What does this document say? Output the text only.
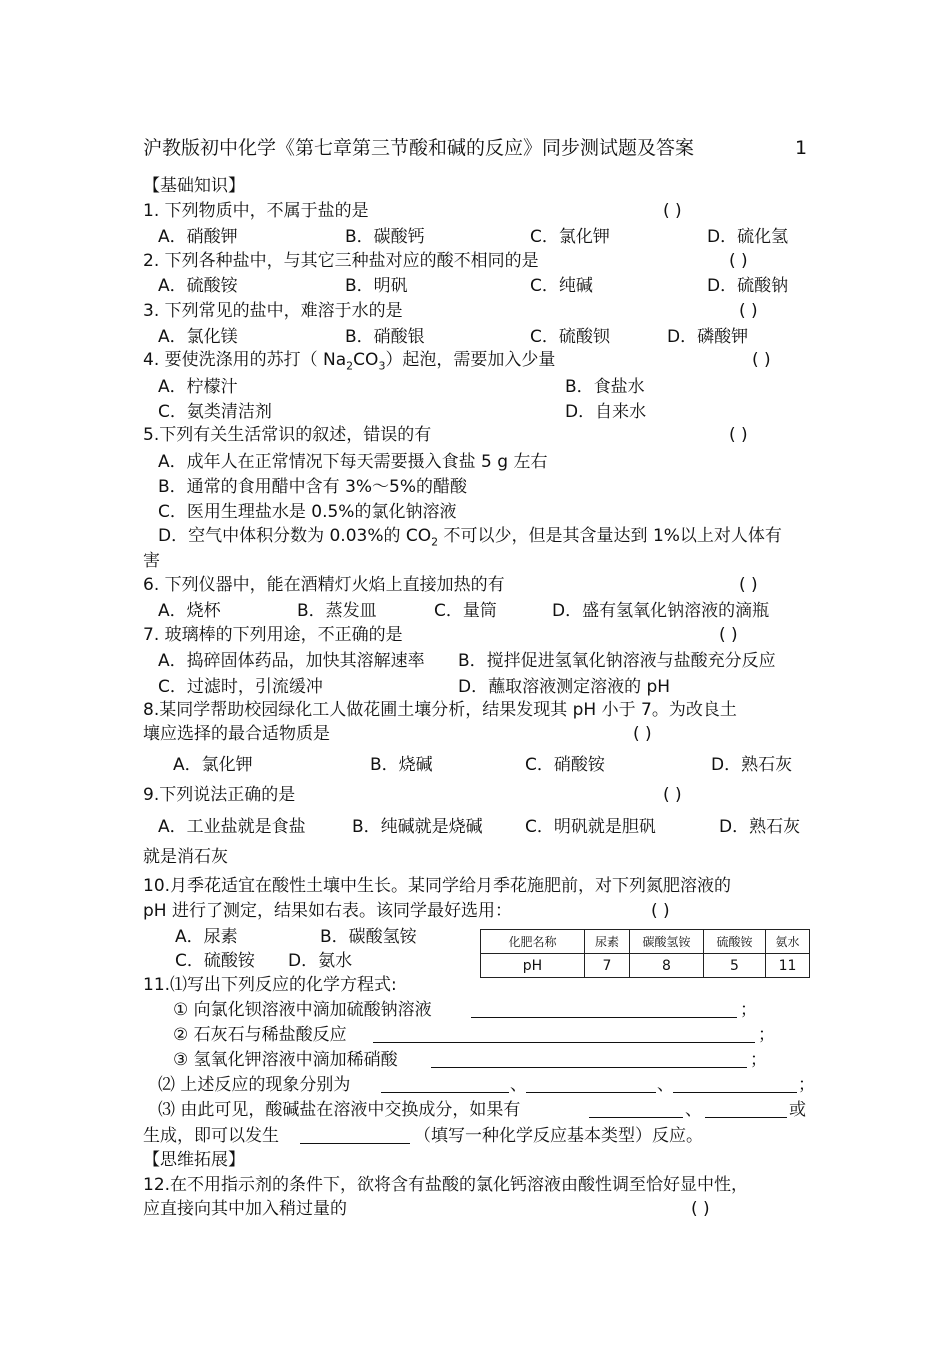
沪教版初中化学《第七章第三节酸和碱的反应》同步测试题及答案	1
【基础知识】
1. 下列物质中，不属于盐的是	( )
A．硝酸钾	B．碳酸钙	C．氯化钾	D．硫化氢
2. 下列各种盐中，与其它三种盐对应的酸不相同的是	( )
A．硫酸铵	B．明矾	C．纯碱	D．硫酸钠
3. 下列常见的盐中，难溶于水的是	( )
A．氯化镁	B．硝酸银	C．硫酸钡	D．磷酸钾
4. 要使洗涤用的苏打（ $Na_2CO_3$）起泡，需要加入少量	( )
A．柠檬汁	B．食盐水
C．氨类清洁剂	D．自来水
5.下列有关生活常识的叙述，错误的有	( )
A．成年人在正常情况下每天需要摄入食盐 5 g 左右
B．通常的食用醋中含有 3%～5%的醋酸
C．医用生理盐水是 0.5%的氯化钠溶液
D．空气中体积分数为 0.03%的 $CO_2$ 不可以少，但是其含量达到 1%以上对人体有
害
6. 下列仪器中，能在酒精灯火焰上直接加热的有	( )
A．烧杯	B．蒸发皿	C．量筒	D．盛有氢氧化钠溶液的滴瓶
7. 玻璃棒的下列用途，不正确的是	( )
A．捣碎固体药品，加快其溶解速率 B．搅拌促进氢氧化钠溶液与盐酸充分反应
C．过滤时，引流缓冲	D．蘸取溶液测定溶液的 pH
8.某同学帮助校园绿化工人做花圃土壤分析，结果发现其 pH 小于 7。为改良土
壤应选择的最合适物质是	( )
A．氯化钾	B．烧碱	C．硝酸铵	D．熟石灰
9.下列说法正确的是	( )
A．工业盐就是食盐	B．纯碱就是烧碱 C．明矾就是胆矾	D．熟石灰
就是消石灰
10.月季花适宜在酸性土壤中生长。某同学给月季花施肥前，对下列氮肥溶液的
pH 进行了测定，结果如右表。该同学最好选用：	( )
A．尿素	B．碳酸氢铵
C．硫酸铵 D．氨水
化肥名称	尿素	碳酸氢铵	硫酸铵	氨水
pH	7	8	5	11
11.⑴写出下列反应的化学方程式:
① 向氯化钡溶液中滴加硫酸钠溶液	；
② 石灰石与稀盐酸反应	；
③ 氢氧化钾溶液中滴加稀硝酸	；
⑵ 上述反应的现象分别为	、	、	；
⑶ 由此可见，酸碱盐在溶液中交换成分，如果有	、	或
生成，即可以发生	（填写一种化学反应基本类型）反应。
【思维拓展】
12.在不用指示剂的条件下，欲将含有盐酸的氯化钙溶液由酸性调至恰好显中性，
应直接向其中加入稍过量的	( )
